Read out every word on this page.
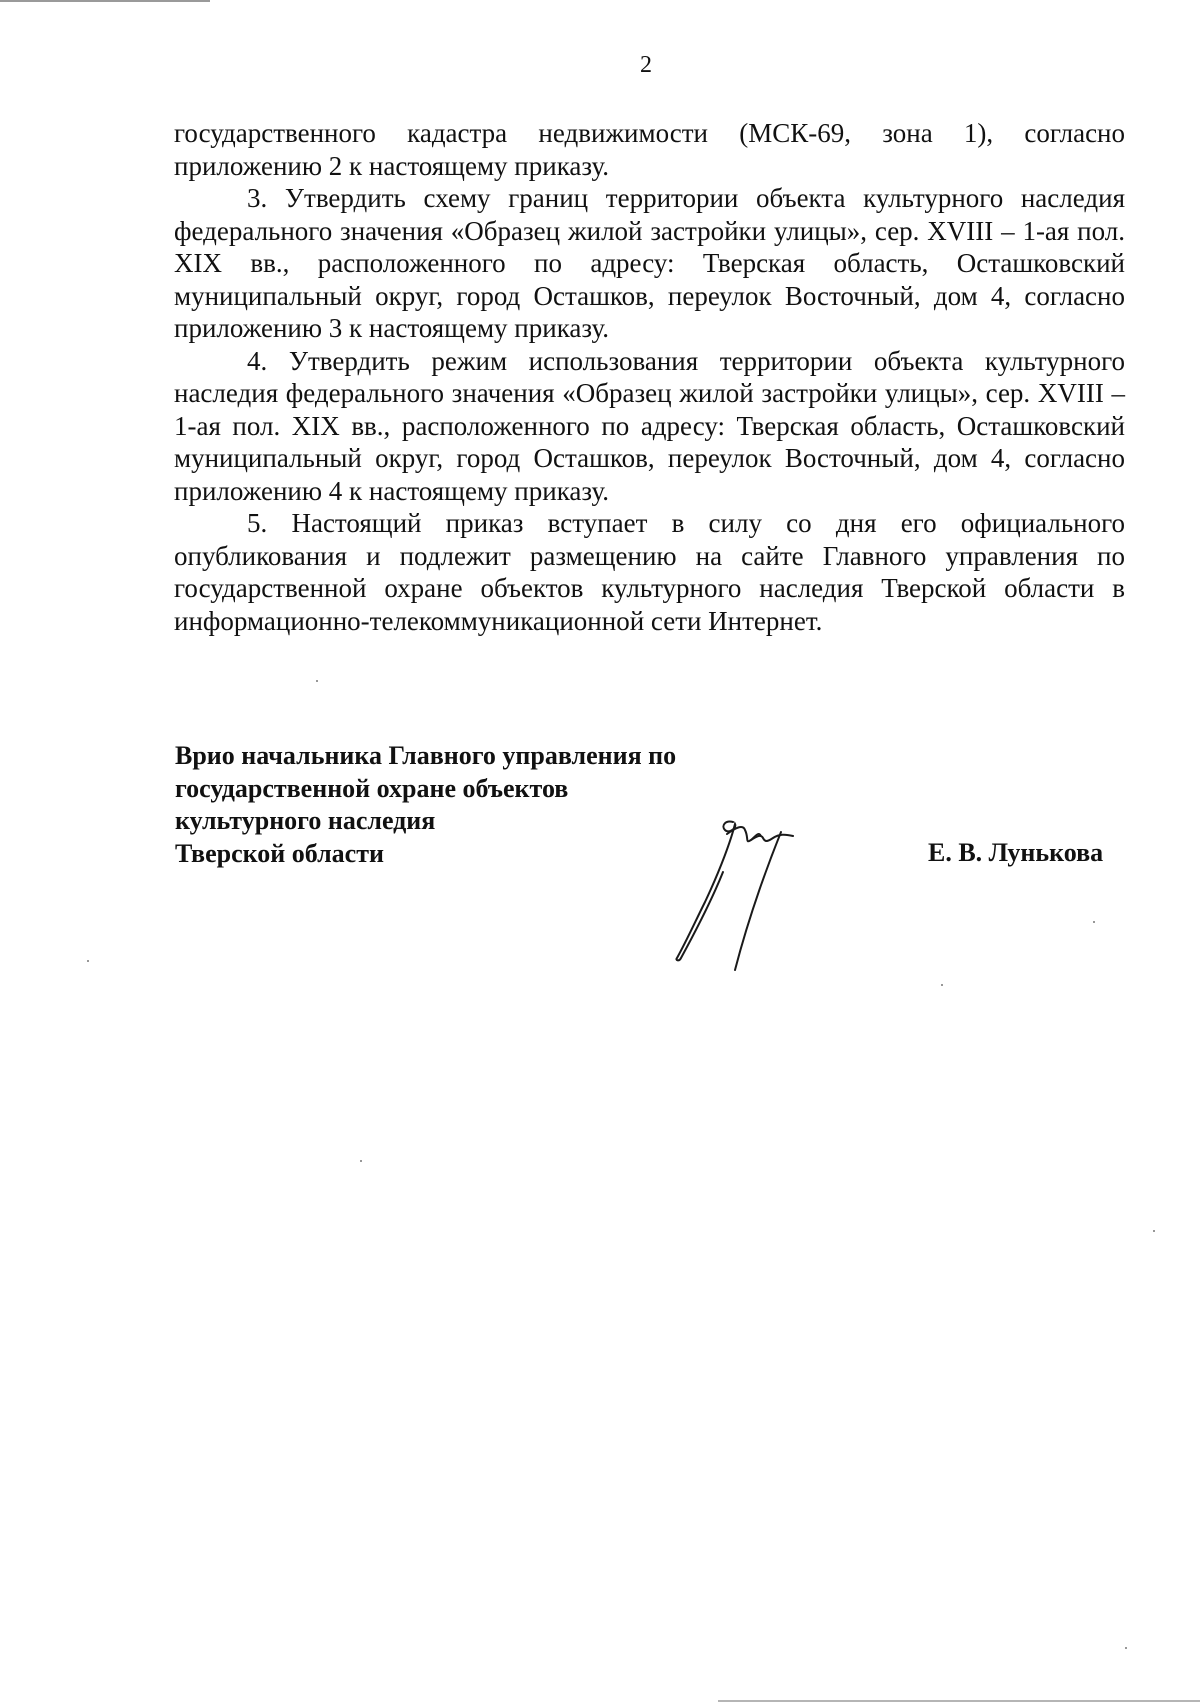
2

государственного кадастра недвижимости (МСК-69, зона 1), согласно приложению 2 к настоящему приказу.

3. Утвердить схему границ территории объекта культурного наследия федерального значения «Образец жилой застройки улицы», сер. XVIII – 1-ая пол. XIX вв., расположенного по адресу: Тверская область, Осташковский муниципальный округ, город Осташков, переулок Восточный, дом 4, согласно приложению 3 к настоящему приказу.

4. Утвердить режим использования территории объекта культурного наследия федерального значения «Образец жилой застройки улицы», сер. XVIII – 1-ая пол. XIX вв., расположенного по адресу: Тверская область, Осташковский муниципальный округ, город Осташков, переулок Восточный, дом 4, согласно приложению 4 к настоящему приказу.

5. Настоящий приказ вступает в силу со дня его официального опубликования и подлежит размещению на сайте Главного управления по государственной охране объектов культурного наследия Тверской области в информационно-телекоммуникационной сети Интернет.

Врио начальника Главного управления по
государственной охране объектов
культурного наследия
Тверской области	Е. В. Лунькова
